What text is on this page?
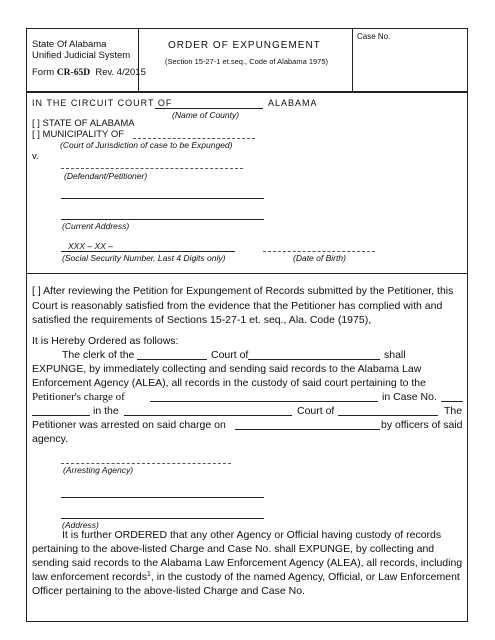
State Of Alabama
Unified Judicial System
Form CR-65D Rev. 4/2015
ORDER OF EXPUNGEMENT
(Section 15-27-1 et.seq., Code of Alabama 1975)
Case No.
IN THE CIRCUIT COURT OF	ALABAMA
(Name of County)
[ ] STATE OF ALABAMA
[ ] MUNICIPALITY OF
(Court of Jurisdiction of case to be Expunged)
v.
(Defendant/Petitioner)
(Current Address)
XXX – XX –
(Social Security Number, Last 4 Digits only)	(Date of Birth)
[ ] After reviewing the Petition for Expungement of Records submitted by the Petitioner, this
Court is reasonably satisfied from the evidence that the Petitioner has complied with and
satisfied the requirements of Sections 15-27-1 et. seq., Ala. Code (1975),
It is Hereby Ordered as follows:
The clerk of the	Court of	shall
EXPUNGE, by immediately collecting and sending said records to the Alabama Law
Enforcement Agency (ALEA), all records in the custody of said court pertaining to the
Petitioner's charge of	in Case No.
in the	Court of	The
Petitioner was arrested on said charge on	by officers of said
agency.
(Arresting Agency)
(Address)
It is further ORDERED that any other Agency or Official having custody of records
pertaining to the above-listed Charge and Case No. shall EXPUNGE, by collecting and
sending said records to the Alabama Law Enforcement Agency (ALEA), all records, including
law enforcement records$^1$, in the custody of the named Agency, Official, or Law Enforcement
Officer pertaining to the above-listed Charge and Case No.
